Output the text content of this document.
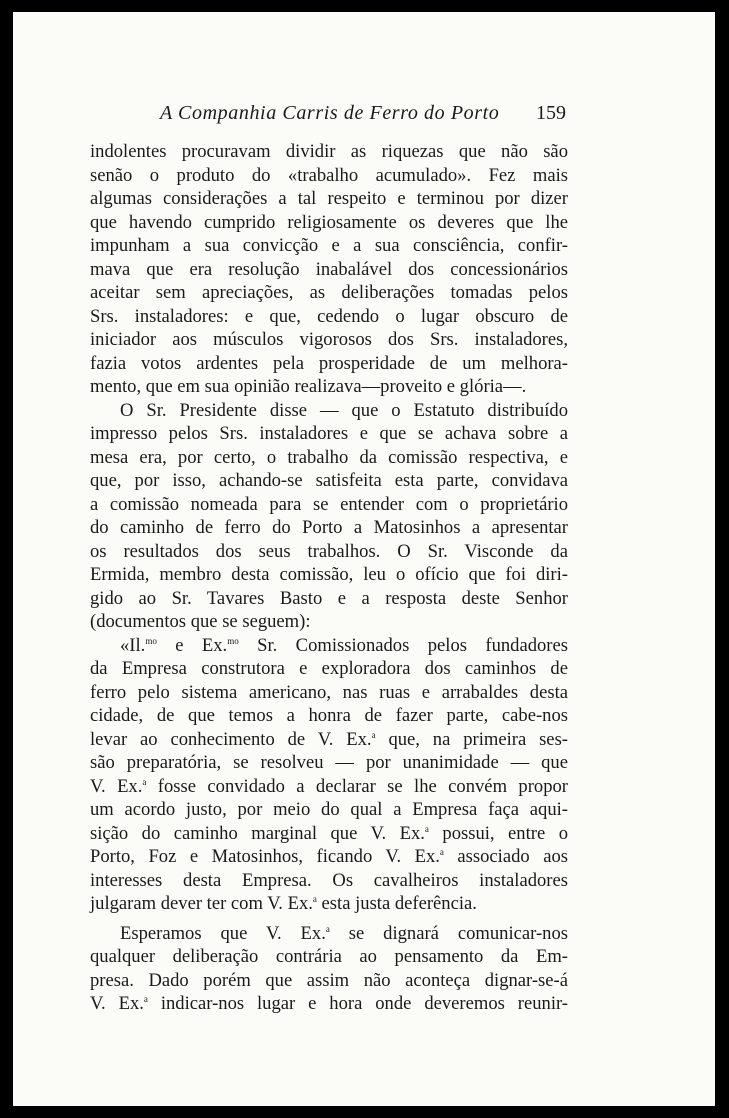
A Companhia Carris de Ferro do Porto 159
indolentes procuravam dividir as riquezas que não são
senão o produto do «trabalho acumulado». Fez mais
algumas considerações a tal respeito e terminou por dizer
que havendo cumprido religiosamente os deveres que lhe
impunham a sua convicção e a sua consciência, confir-
mava que era resolução inabalável dos concessionários
aceitar sem apreciações, as deliberações tomadas pelos
Srs. instaladores: e que, cedendo o lugar obscuro de
iniciador aos músculos vigorosos dos Srs. instaladores,
fazia votos ardentes pela prosperidade de um melhora-
mento, que em sua opinião realizava—proveito e glória—.
O Sr. Presidente disse — que o Estatuto distribuído
impresso pelos Srs. instaladores e que se achava sobre a
mesa era, por certo, o trabalho da comissão respectiva, e
que, por isso, achando-se satisfeita esta parte, convidava
a comissão nomeada para se entender com o proprietário
do caminho de ferro do Porto a Matosinhos a apresentar
os resultados dos seus trabalhos. O Sr. Visconde da
Ermida, membro desta comissão, leu o ofício que foi diri-
gido ao Sr. Tavares Basto e a resposta deste Senhor
(documentos que se seguem):
«Il.$^{mo}$ e Ex.$^{mo}$ Sr. Comissionados pelos fundadores
da Empresa construtora e exploradora dos caminhos de
ferro pelo sistema americano, nas ruas e arrabaldes desta
cidade, de que temos a honra de fazer parte, cabe-nos
levar ao conhecimento de V. Ex.$^a$ que, na primeira ses-
são preparatória, se resolveu — por unanimidade — que
V. Ex.$^a$ fosse convidado a declarar se lhe convém propor
um acordo justo, por meio do qual a Empresa faça aqui-
sição do caminho marginal que V. Ex.$^a$ possui, entre o
Porto, Foz e Matosinhos, ficando V. Ex.$^a$ associado aos
interesses desta Empresa. Os cavalheiros instaladores
julgaram dever ter com V. Ex.$^a$ esta justa deferência.
Esperamos que V. Ex.$^a$ se dignará comunicar-nos
qualquer deliberação contrária ao pensamento da Em-
presa. Dado porém que assim não aconteça dignar-se-á
V. Ex.$^a$ indicar-nos lugar e hora onde deveremos reunir-
